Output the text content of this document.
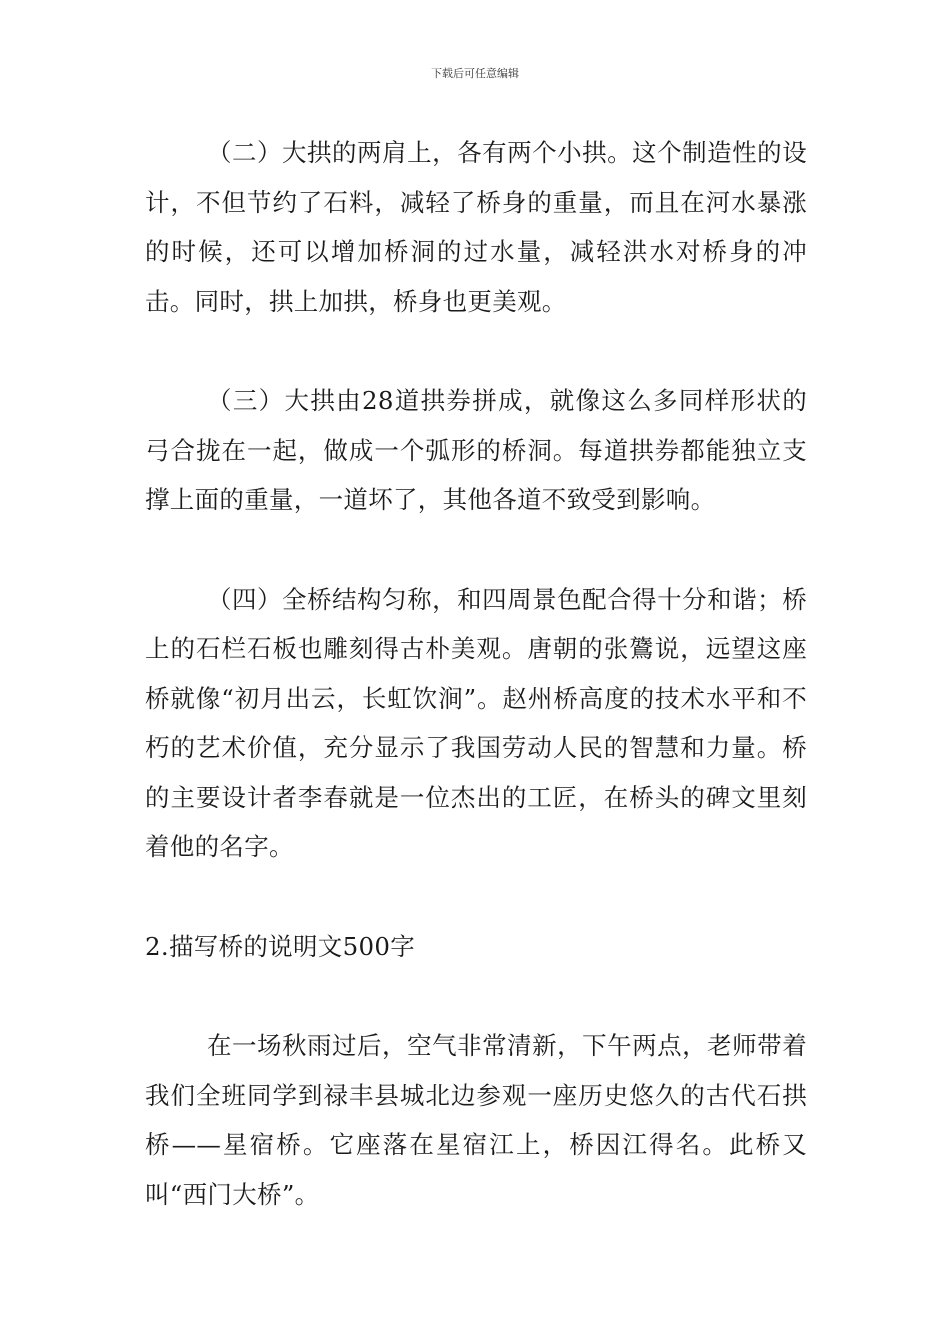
下载后可任意编辑

（二）大拱的两肩上，各有两个小拱。这个制造性的设计，不但节约了石料，减轻了桥身的重量，而且在河水暴涨的时候，还可以增加桥洞的过水量，减轻洪水对桥身的冲击。同时，拱上加拱，桥身也更美观。

（三）大拱由28道拱券拼成，就像这么多同样形状的弓合拢在一起，做成一个弧形的桥洞。每道拱券都能独立支撑上面的重量，一道坏了，其他各道不致受到影响。

（四）全桥结构匀称，和四周景色配合得十分和谐；桥上的石栏石板也雕刻得古朴美观。唐朝的张鷟说，远望这座桥就像“初月出云，长虹饮涧”。赵州桥高度的技术水平和不朽的艺术价值，充分显示了我国劳动人民的智慧和力量。桥的主要设计者李春就是一位杰出的工匠，在桥头的碑文里刻着他的名字。

2.描写桥的说明文500字

在一场秋雨过后，空气非常清新，下午两点，老师带着我们全班同学到禄丰县城北边参观一座历史悠久的古代石拱桥——星宿桥。它座落在星宿江上，桥因江得名。此桥又叫“西门大桥”。
